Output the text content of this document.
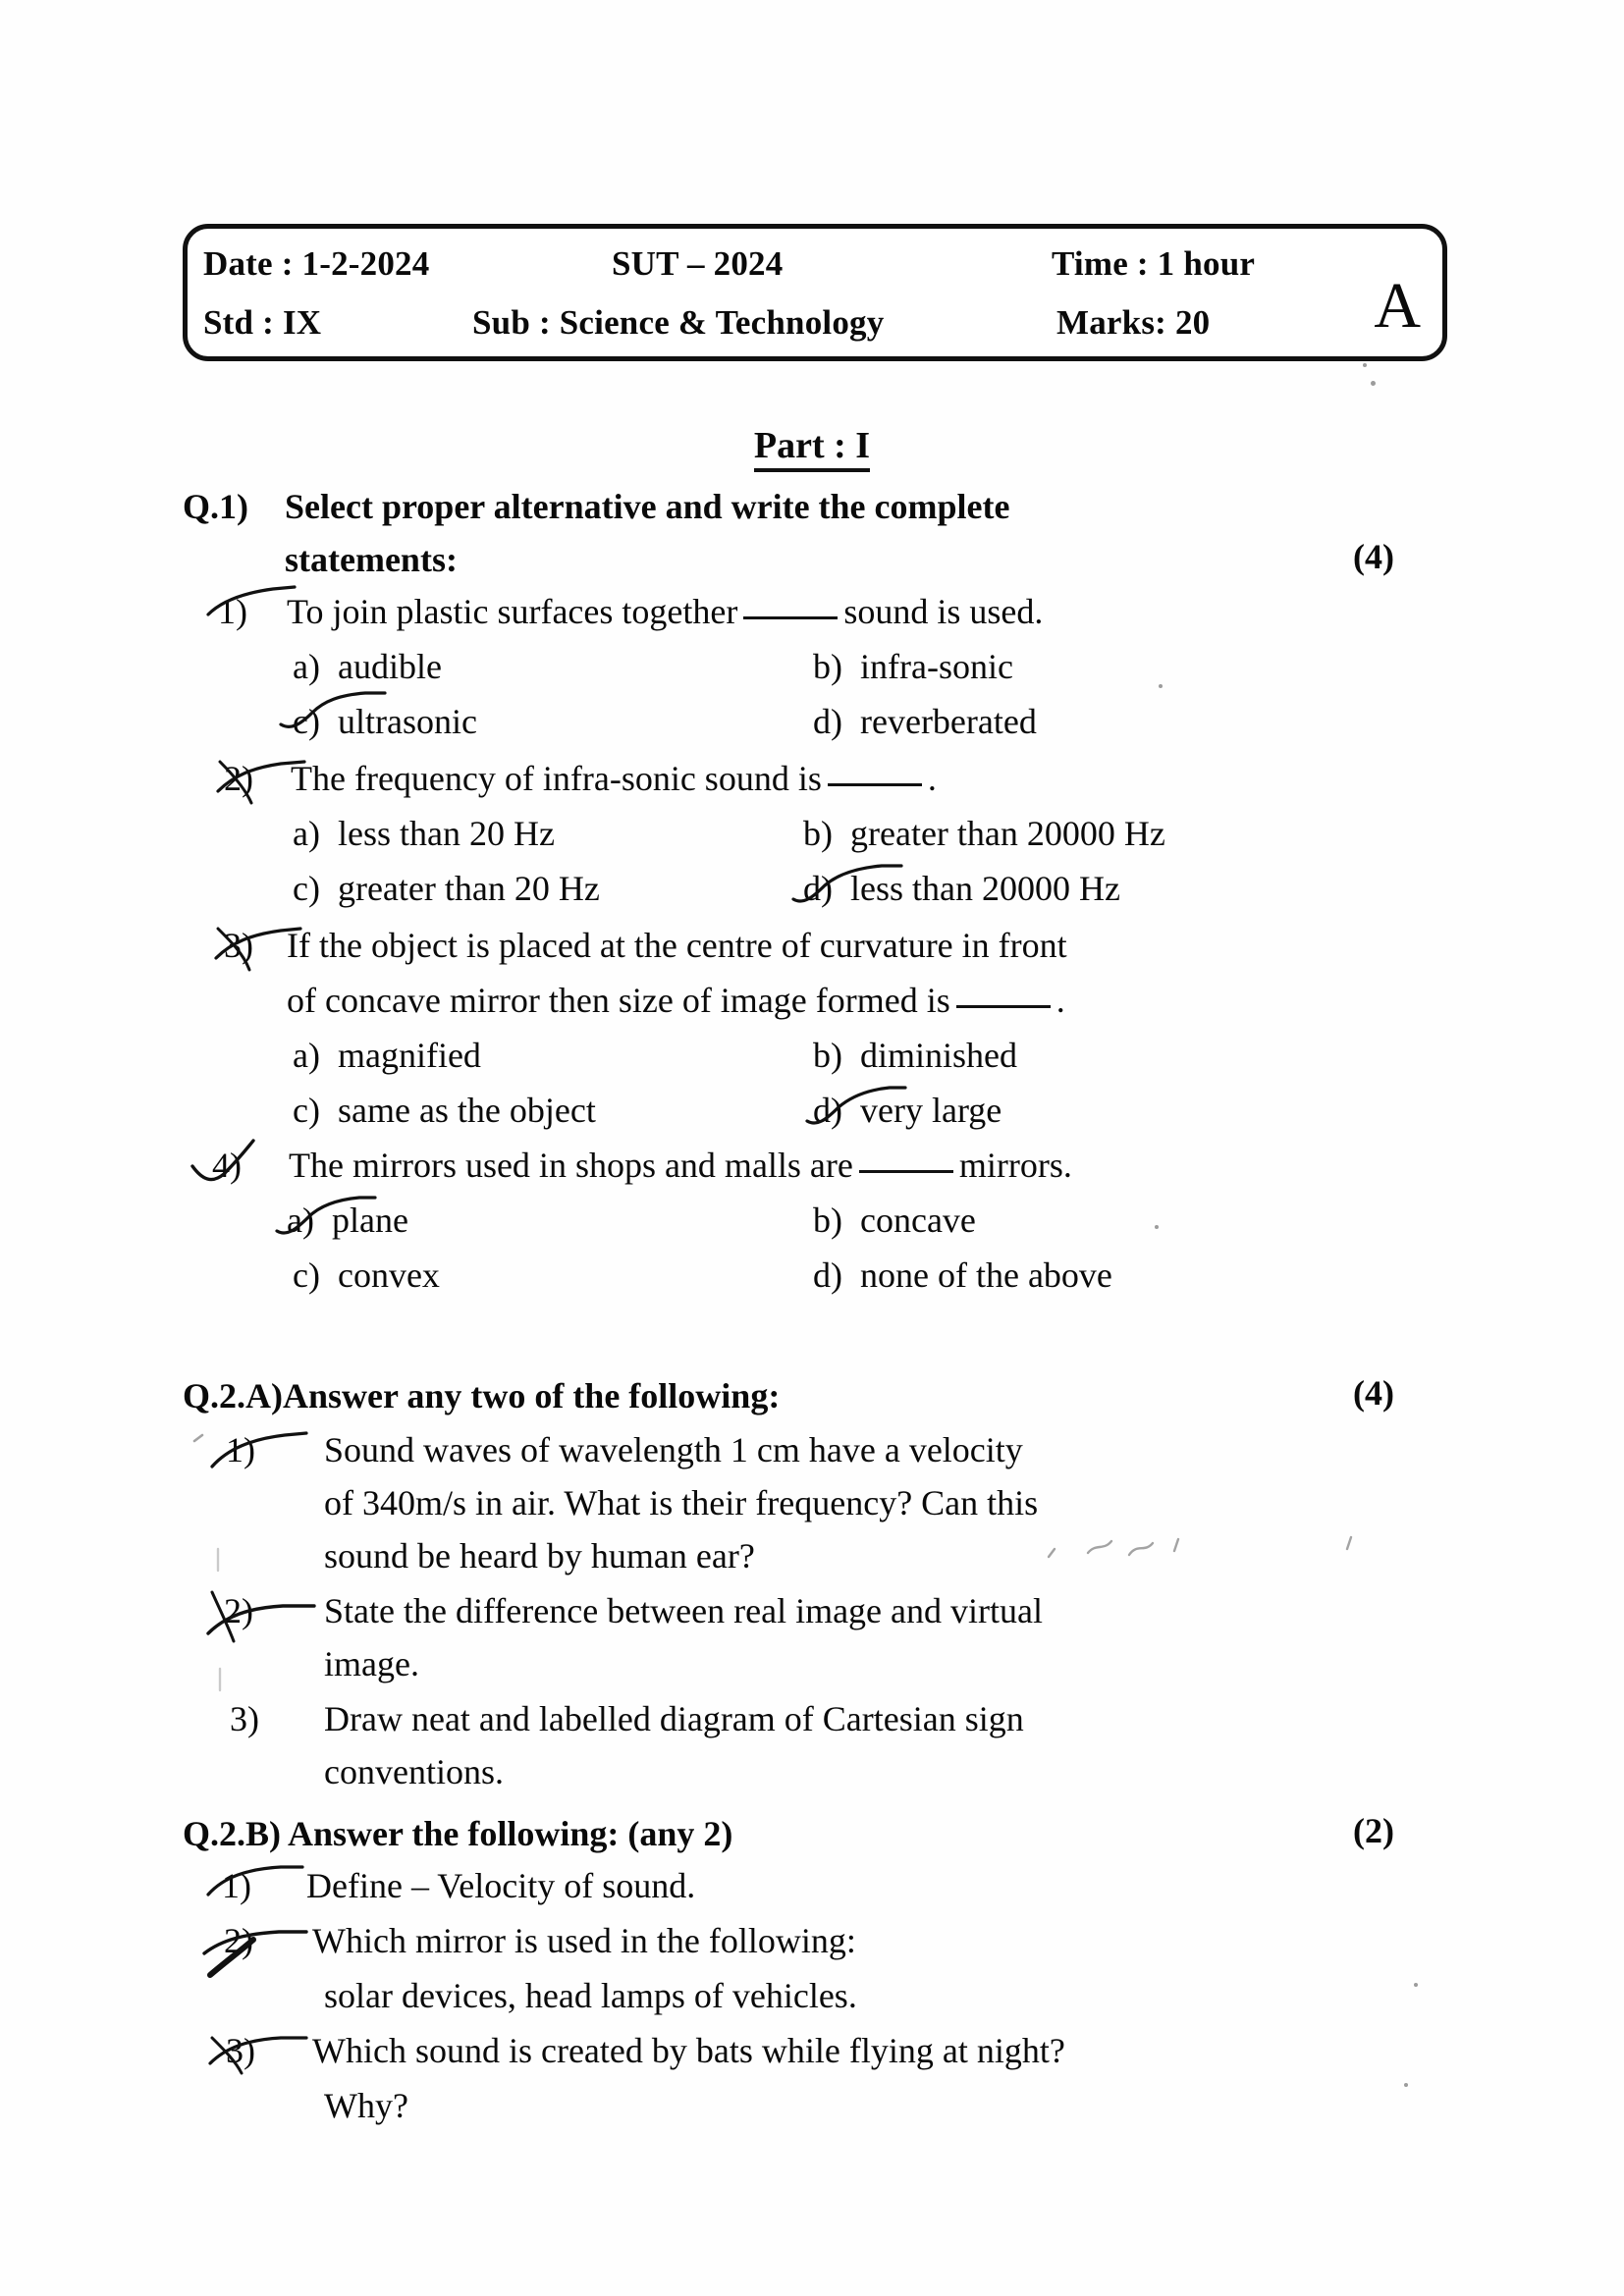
Date : 1-2-2024	SUT – 2024	Time : 1 hour
Std : IX	Sub : Science & Technology	Marks: 20	A
Part : I
Q.1) Select proper alternative and write the complete
statements:	(4)
1)	To join plastic surfaces together	sound is used.
a) audible	b) infra-sonic
c) ultrasonic	d) reverberated
2)	The frequency of infra-sonic sound is	.
a) less than 20 Hz	b) greater than 20000 Hz
c) greater than 20 Hz	d) less than 20000 Hz
3) If the object is placed at the centre of curvature in front
of concave mirror then size of image formed is	.
a) magnified	b) diminished
c) same as the object	d) very large
4)	The mirrors used in shops and malls are	mirrors.
a) plane	b) concave
c) convex	d) none of the above
Q.2.A)Answer any two of the following:	(4)
1)	Sound waves of wavelength 1 cm have a velocity
of 340m/s in air. What is their frequency? Can this
sound be heard by human ear?
2)	State the difference between real image and virtual
image.
3)	Draw neat and labelled diagram of Cartesian sign
conventions.
Q.2.B) Answer the following: (any 2)	(2)
1)	Define – Velocity of sound.
2)	Which mirror is used in the following:
solar devices, head lamps of vehicles.
3)	Which sound is created by bats while flying at night?
Why?
